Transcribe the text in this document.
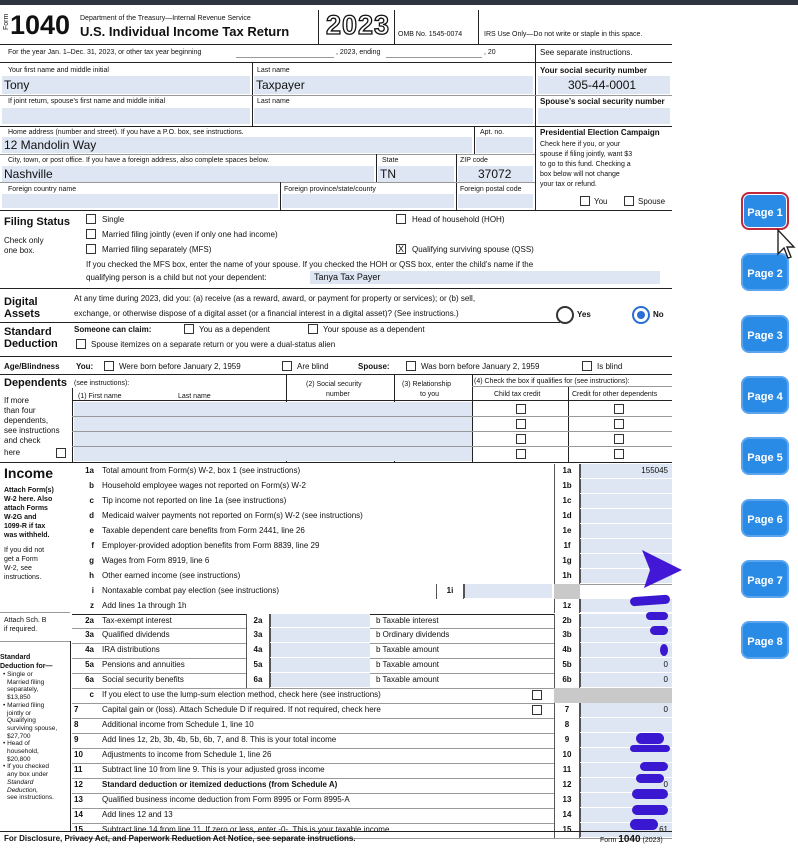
Form 1040 Department of the Treasury—Internal Revenue Service
U.S. Individual Income Tax Return 2023 OMB No. 1545-0074	IRS Use Only—Do not write or staple in this space.
For the year Jan. 1–Dec. 31, 2023, or other tax year beginning	, 2023, ending	, 20	See separate instructions.
Your first name and middle initial
Tony
Last name
Taxpayer
Your social security number
305-44-0001
If joint return, spouse’s first name and middle initial	Last name	Spouse’s social security number
Home address (number and street). If you have a P.O. box, see instructions.
12 Mandolin Way
Apt. no.
City, town, or post office. If you have a foreign address, also complete spaces below.
Nashville
State
TN
ZIP code
37072
Foreign country name	Foreign province/state/county	Foreign postal code
Presidential Election Campaign
Check here if you, or your
spouse if filing jointly, want $3
to go to this fund. Checking a
box below will not change
your tax or refund.
You	Spouse
Filing Status
Check only
one box.
Single
Married filing jointly (even if only one had income)
Married filing separately (MFS)
Head of household (HOH)
X Qualifying surviving spouse (QSS)
If you checked the MFS box, enter the name of your spouse. If you checked the HOH or QSS box, enter the child’s name if the
qualifying person is a child but not your dependent:	Tanya Tax Payer
Digital
Assets
At any time during 2023, did you: (a) receive (as a reward, award, or payment for property or services); or (b) sell,
exchange, or otherwise dispose of a digital asset (or a financial interest in a digital asset)? (See instructions.)	Yes	No
Standard
Deduction
Someone can claim:	You as a dependent	Your spouse as a dependent
Spouse itemizes on a separate return or you were a dual-status alien
Age/Blindness You:	Were born before January 2, 1959	Are blind	Spouse:	Was born before January 2, 1959	Is blind
Dependents (see instructions):
(1) First name	Last name
(2) Social security
number
(3) Relationship
to you
(4) Check the box if qualifies for (see instructions):
Child tax credit	Credit for other dependents
If more
than four
dependents,
see instructions
and check
here
Income
Attach Form(s)
W-2 here. Also
attach Forms
W-2G and
1099-R if tax
was withheld.
If you did not
get a Form
W-2, see
instructions.
Attach Sch. B
if required.
Standard
Deduction for—
• Single or
Married filing
separately,
$13,850
• Married filing
jointly or
Qualifying
surviving spouse,
$27,700
• Head of
household,
$20,800
• If you checked
any box under
Standard
Deduction,
see instructions.
1a Total amount from Form(s) W-2, box 1 (see instructions)	1a	155045
b Household employee wages not reported on Form(s) W-2	1b
c Tip income not reported on line 1a (see instructions)	1c
d Medicaid waiver payments not reported on Form(s) W-2 (see instructions)	1d
e Taxable dependent care benefits from Form 2441, line 26	1e
f Employer-provided adoption benefits from Form 8839, line 29	1f
g Wages from Form 8919, line 6	1g
h Other earned income (see instructions)	1h
i Nontaxable combat pay election (see instructions)	1i
z Add lines 1a through 1h	1z
2a Tax-exempt interest	2a	b Taxable interest	2b
3a Qualified dividends	3a	b Ordinary dividends	3b
4a IRA distributions	4a	b Taxable amount	4b
5a Pensions and annuities	5a	b Taxable amount	5b	0
6a Social security benefits	6a	b Taxable amount	6b	0
c If you elect to use the lump-sum election method, check here (see instructions)
7	Capital gain or (loss). Attach Schedule D if required. If not required, check here	7	0
8	Additional income from Schedule 1, line 10	8
9	Add lines 1z, 2b, 3b, 4b, 5b, 6b, 7, and 8. This is your total income	9
10	Adjustments to income from Schedule 1, line 26	10
11	Subtract line 10 from line 9. This is your adjusted gross income	11
12	Standard deduction or itemized deductions (from Schedule A)	12	0
13	Qualified business income deduction from Form 8995 or Form 8995-A	13
14	Add lines 12 and 13	14
15	Subtract line 14 from line 11. If zero or less, enter -0-. This is your taxable income	15	61
For Disclosure, Privacy Act, and Paperwork Reduction Act Notice, see separate instructions.	Form 1040 (2023)
Page 1
Page 2
Page 3
Page 4
Page 5
Page 6
Page 7
Page 8
